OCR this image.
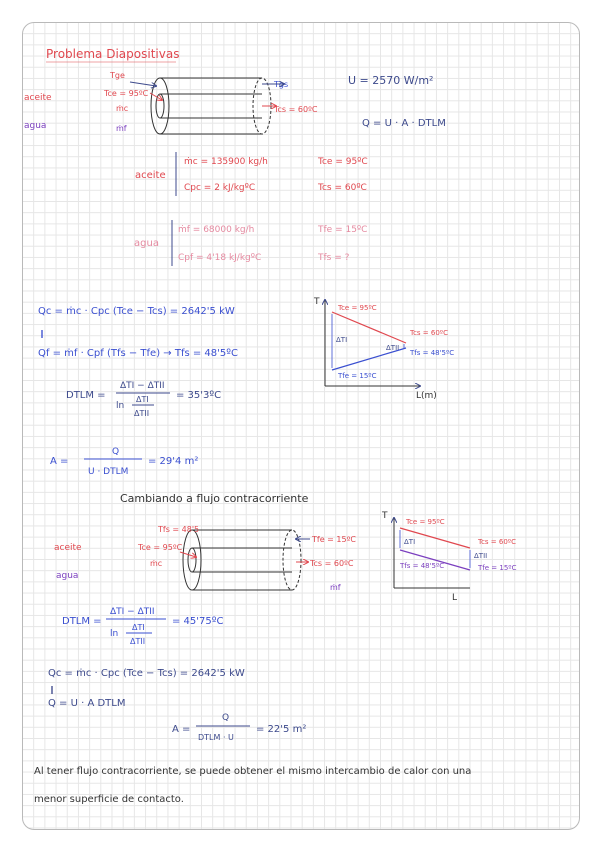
Problema Diapositivas
aceite
agua
Tge
Tce = 95ºC
ṁc
ṁf
Tgs
Tcs = 60ºC
U = 2570 W/m²
Q = U · A · DTLM
aceite
ṁc = 135900 kg/h
Cpc = 2 kJ/kgºC
Tce = 95ºC
Tcs = 60ºC
agua
ṁf = 68000 kg/h
Cpf = 4'18 kJ/kgºC
Tfe = 15ºC
Tfs = ?
Qc = ṁc · Cpc (Tce − Tcs) = 2642'5 kW
‖
Qf = ṁf · Cpf (Tfs − Tfe) → Tfs = 48'5ºC
DTLM =
ΔTI − ΔTII
ln
ΔTI
ΔTII
= 35'3ºC
A =
Q
U · DTLM
= 29'4 m²
T
L(m)
Tce = 95ºC
Tcs = 60ºC
Tfs = 48'5ºC
Tfe = 15ºC
ΔTI
ΔTII
Cambiando a flujo contracorriente
aceite
agua
Tfs = 48'5
Tce = 95ºC
ṁc
Tfe = 15ºC
Tcs = 60ºC
ṁf
T
L
Tce = 95ºC
Tcs = 60ºC
Tfs = 48'5ºC	Tfe = 15ºC
ΔTI
ΔTII
DTLM =
ΔTI − ΔTII
ln
ΔTI
ΔTII
= 45'75ºC
Qc = ṁc · Cpc (Tce − Tcs) = 2642'5 kW
‖
Q = U · A DTLM
A =
Q
DTLM · U
= 22'5 m²
Al tener flujo contracorriente, se puede obtener el mismo intercambio de calor con una
menor superficie de contacto.
